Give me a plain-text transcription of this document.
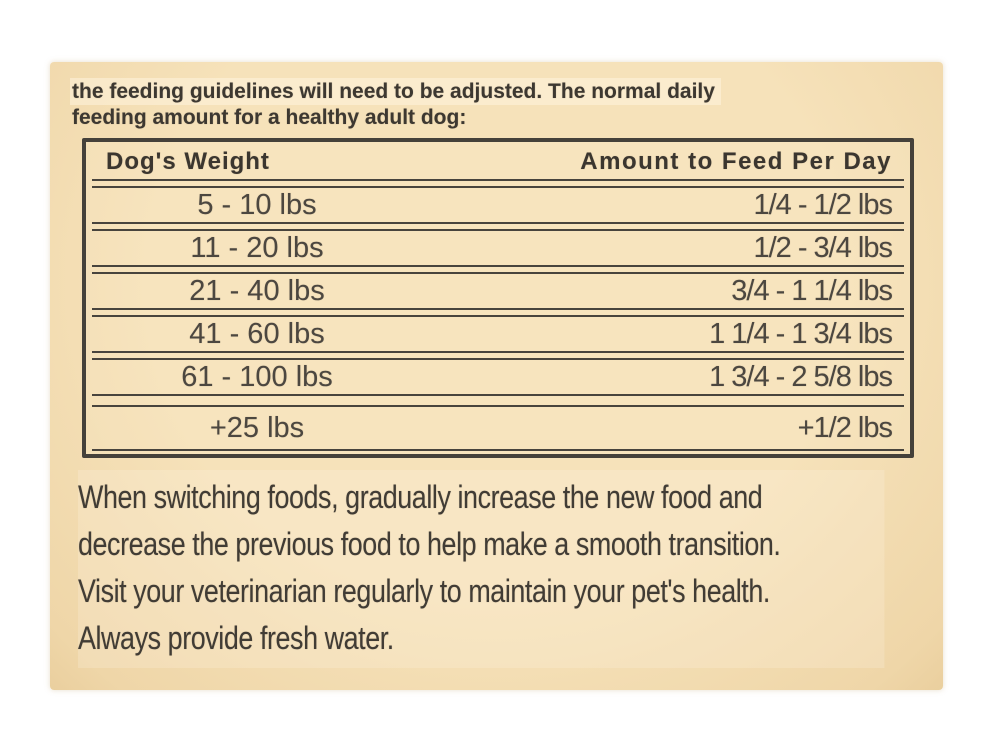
the feeding guidelines will need to be adjusted. The normal daily
feeding amount for a healthy adult dog:
Dog's Weight	Amount to Feed Per Day
5 - 10 lbs	1/4 - 1/2 lbs
11 - 20 lbs	1/2 - 3/4 lbs
21 - 40 lbs	3/4 - 1 1/4 lbs
41 - 60 lbs	1 1/4 - 1 3/4 lbs
61 - 100 lbs	1 3/4 - 2 5/8 lbs
+25 lbs	+1/2 lbs
When switching foods, gradually increase the new food and
decrease the previous food to help make a smooth transition.
Visit your veterinarian regularly to maintain your pet's health.
Always provide fresh water.
